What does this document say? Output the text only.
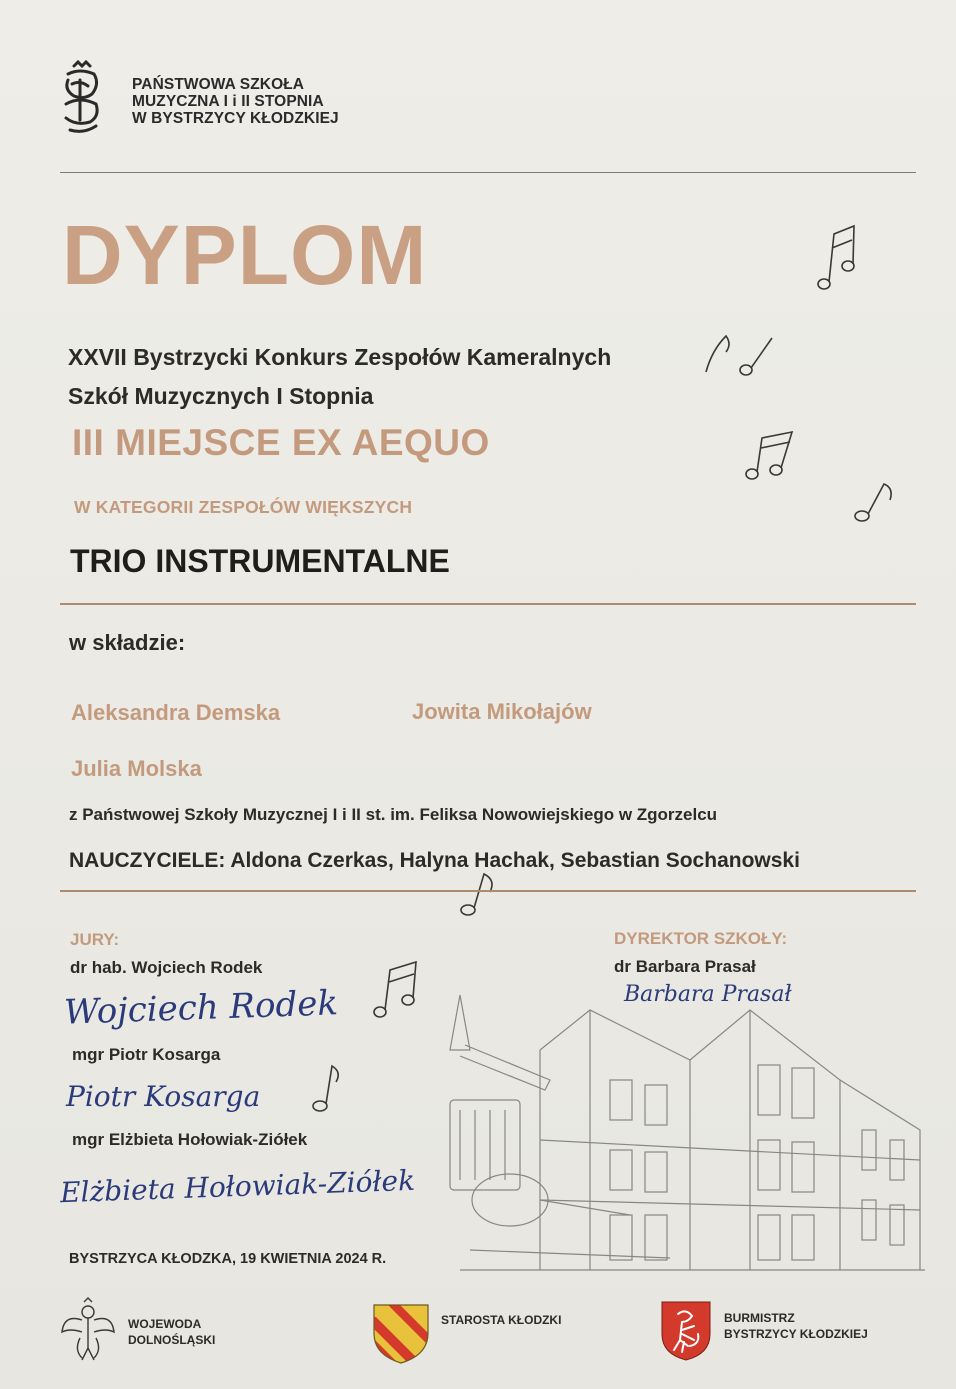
PAŃSTWOWA SZKOŁA
MUZYCZNA I i II STOPNIA
W BYSTRZYCY KŁODZKIEJ
DYPLOM
XXVII Bystrzycki Konkurs Zespołów Kameralnych
Szkół Muzycznych I Stopnia
III MIEJSCE EX AEQUO
W KATEGORII ZESPOŁÓW WIĘKSZYCH
TRIO INSTRUMENTALNE
w składzie:
Aleksandra Demska	Jowita Mikołajów
Julia Molska
z Państwowej Szkoły Muzycznej I i II st. im. Feliksa Nowowiejskiego w Zgorzelcu
NAUCZYCIELE: Aldona Czerkas, Halyna Hachak, Sebastian Sochanowski
JURY:
dr hab. Wojciech Rodek
Wojciech Rodek
mgr Piotr Kosarga
Piotr Kosarga
mgr Elżbieta Hołowiak-Ziółek
Elżbieta Hołowiak-Ziółek
DYREKTOR SZKOŁY:
dr Barbara Prasał
Barbara Prasał
BYSTRZYCA KŁODZKA, 19 KWIETNIA 2024 R.
WOJEWODA
DOLNOŚLĄSKI
STAROSTA KŁODZKI	BURMISTRZ
BYSTRZYCY KŁODZKIEJ
